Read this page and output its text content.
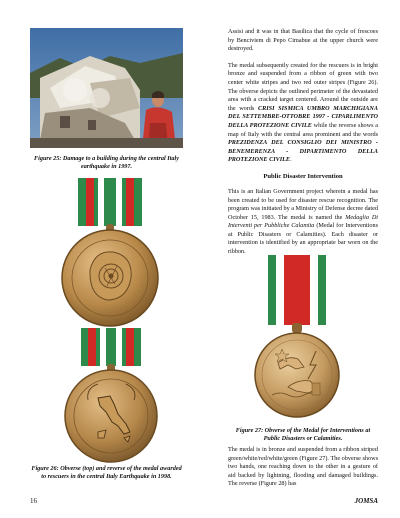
Figure 25: Damage to a building during the central Italy earthquake in 1997.
Figure 26: Obverse (top) and reverse of the medal awarded to rescuers in the central Italy Earthquake in 1998.

Assisi and it was in that Basilica that the cycle of frescoes by Benciviem di Pepo Cimabue at the upper church were destroyed.

The medal subsequently created for the rescuers is in bright bronze and suspended from a ribbon of green with two center white stripes and two red outer stripes (Figure 26). The obverse depicts the outlined perimeter of the devastated area with a cracked target centered. Around the outside are the words CRISI SISMICA UMBRO MARCHIGIANA DEL SETTEMBRE-OTTOBRE 1997 - CIPARLIMENTO DELLA PROTEZIONE CIVILE while the reverse shows a map of Italy with the central area prominent and the words PREZIDENZA DEL CONSIGLIO DEI MINISTRO - BENEMERENZA - DIPARTIMENTO DELLA PROTEZIONE CIVILE.

Public Disaster Intervention

This is an Italian Government project wherein a medal has been created to be used for disaster rescue recognition. The program was initiated by a Ministry of Defense decree dated October 15, 1983. The medal is named the Medaglia Di Interventi per Pubbliche Calamita (Medal for Interventions at Public Disasters or Calamities). Each disaster or intervention is identified by an appropriate bar worn on the ribbon.

Figure 27: Obverse of the Medal for Interventions at Public Disasters or Calamities.

The medal is in bronze and suspended from a ribbon striped green/white/red/white/green (Figure 27). The obverse shows two hands, one reaching down to the other in a gesture of aid backed by lightning, flooding and damaged buildings. The reverse (Figure 28) has

16	JOMSA
